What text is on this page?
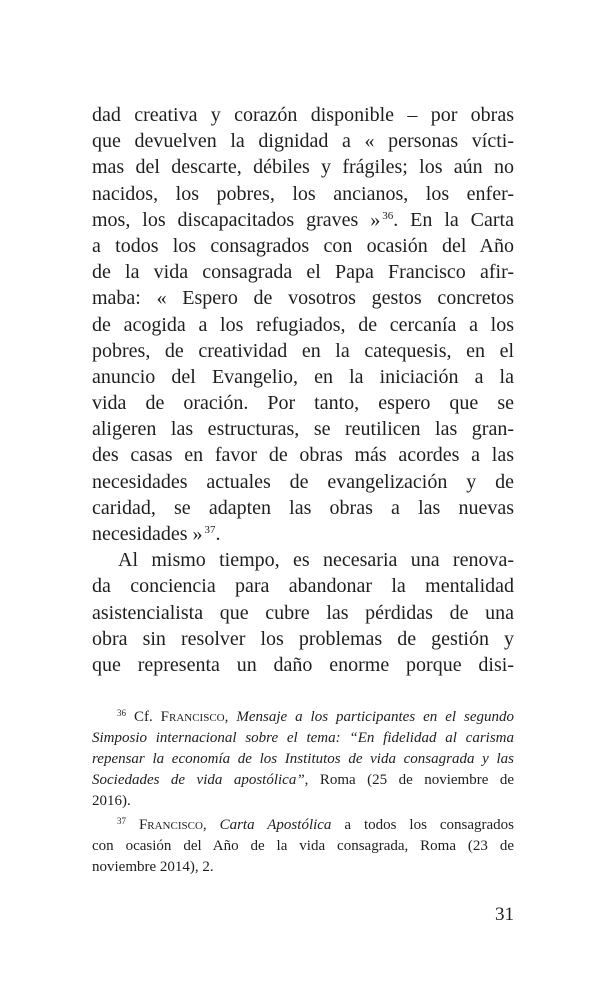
dad creativa y corazón disponible – por obras
que devuelven la dignidad a « personas vícti-
mas del descarte, débiles y frágiles; los aún no
nacidos, los pobres, los ancianos, los enfer-
mos, los discapacitados graves » $^{36}$. En la Carta
a todos los consagrados con ocasión del Año
de la vida consagrada el Papa Francisco afir-
maba: « Espero de vosotros gestos concretos
de acogida a los refugiados, de cercanía a los
pobres, de creatividad en la catequesis, en el
anuncio del Evangelio, en la iniciación a la
vida de oración. Por tanto, espero que se
aligeren las estructuras, se reutilicen las gran-
des casas en favor de obras más acordes a las
necesidades actuales de evangelización y de
caridad, se adapten las obras a las nuevas
necesidades » $^{37}$.
Al mismo tiempo, es necesaria una renova-
da conciencia para abandonar la mentalidad
asistencialista que cubre las pérdidas de una
obra sin resolver los problemas de gestión y
que representa un daño enorme porque disi-
$^{36}$ Cf. Francisco, Mensaje a los participantes en el segundo
Simposio internacional sobre el tema: “En fidelidad al carisma
repensar la economía de los Institutos de vida consagrada y las
Sociedades de vida apostólica”, Roma (25 de noviembre de
2016).
$^{37}$ Francisco, Carta Apostólica a todos los consagrados
con ocasión del Año de la vida consagrada, Roma (23 de
noviembre 2014), 2.
31
